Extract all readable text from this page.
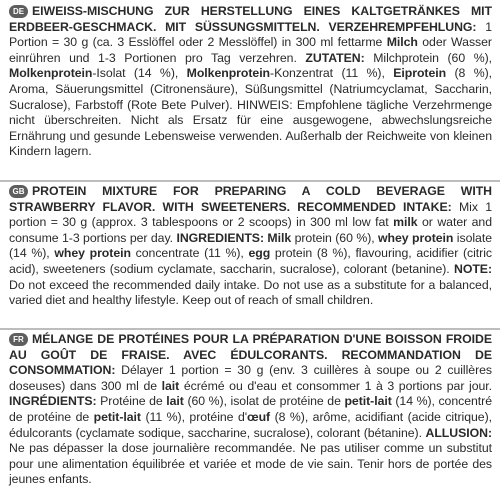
DE EIWEISS-MISCHUNG ZUR HERSTELLUNG EINES KALTGETRÄNKES MIT ERDBEER-GESCHMACK. MIT SÜSSUNGSMITTELN. VERZEHREMPFEHLUNG: 1 Portion = 30 g (ca. 3 Esslöffel oder 2 Messlöffel) in 300 ml fettarme Milch oder Wasser einrühren und 1-3 Portionen pro Tag verzehren. ZUTATEN: Milchprotein (60 %), Molkenprotein-Isolat (14 %), Molkenprotein-Konzentrat (11 %), Eiprotein (8 %), Aroma, Säuerungsmittel (Citronensäure), Süßungsmittel (Natriumcyclamat, Saccharin, Sucralose), Farbstoff (Rote Bete Pulver). HINWEIS: Empfohlene tägliche Verzehrmenge nicht überschreiten. Nicht als Ersatz für eine ausgewogene, abwechslungsreiche Ernährung und gesunde Lebensweise verwenden. Außerhalb der Reichweite von kleinen Kindern lagern.

GB PROTEIN MIXTURE FOR PREPARING A COLD BEVERAGE WITH STRAWBERRY FLAVOR. WITH SWEETENERS. RECOMMENDED INTAKE: Mix 1 portion = 30 g (approx. 3 tablespoons or 2 scoops) in 300 ml low fat milk or water and consume 1-3 portions per day. INGREDIENTS: Milk protein (60 %), whey protein isolate (14 %), whey protein concentrate (11 %), egg protein (8 %), flavouring, acidifier (citric acid), sweeteners (sodium cyclamate, saccharin, sucralose), colorant (betanine). NOTE: Do not exceed the recommended daily intake. Do not use as a substitute for a balanced, varied diet and healthy lifestyle. Keep out of reach of small children.

FR MÉLANGE DE PROTÉINES POUR LA PRÉPARATION D'UNE BOISSON FROIDE AU GOÛT DE FRAISE. AVEC ÉDULCORANTS. RECOMMANDATION DE CONSOMMATION: Délayer 1 portion = 30 g (env. 3 cuillères à soupe ou 2 cuillères doseuses) dans 300 ml de lait écrémé ou d'eau et consommer 1 à 3 portions par jour. INGRÉDIENTS: Protéine de lait (60 %), isolat de protéine de petit-lait (14 %), concentré de protéine de petit-lait (11 %), protéine d'œuf (8 %), arôme, acidifiant (acide citrique), édulcorants (cyclamate sodique, saccharine, sucralose), colorant (bétanine). ALLUSION: Ne pas dépasser la dose journalière recommandée. Ne pas utiliser comme un substitut pour une alimentation équilibrée et variée et mode de vie sain. Tenir hors de portée des jeunes enfants.
